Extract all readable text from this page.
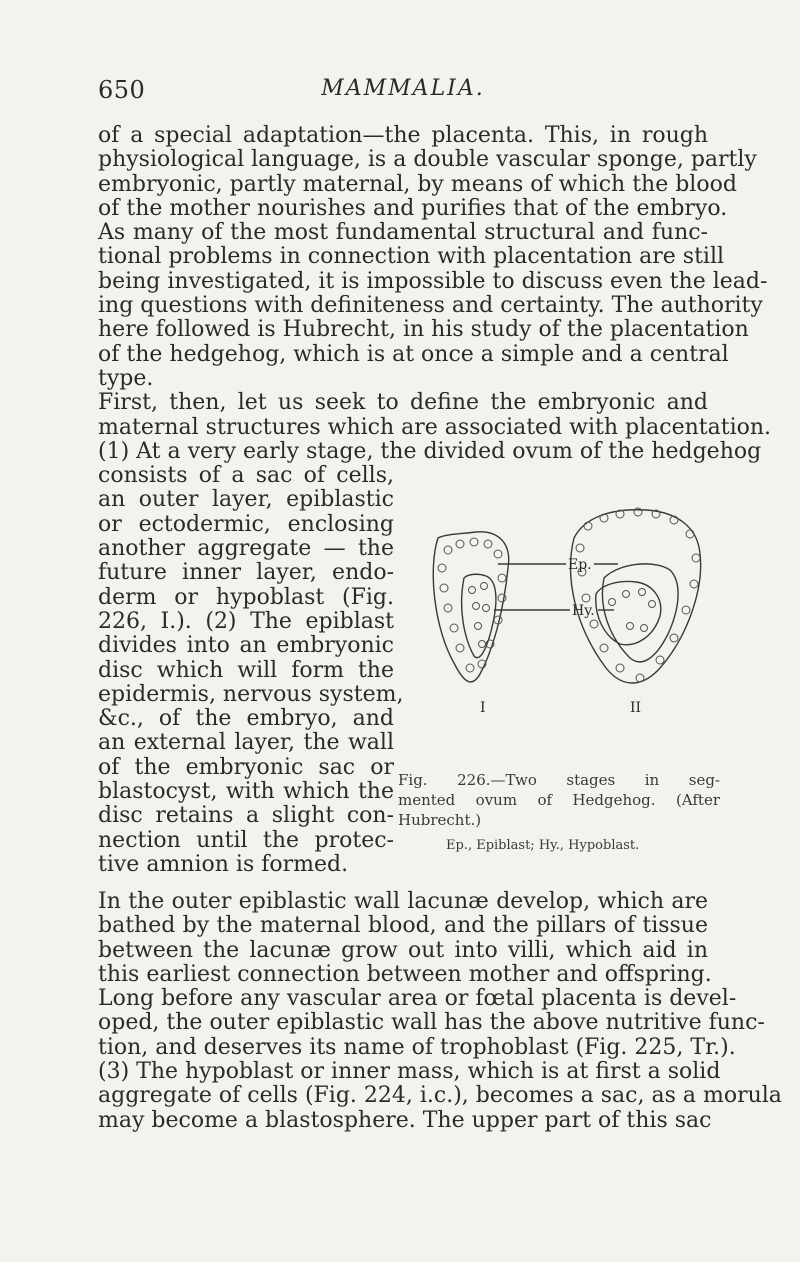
650	MAMMALIA.
of a special adaptation—the placenta. This, in rough
physiological language, is a double vascular sponge, partly
embryonic, partly maternal, by means of which the blood
of the mother nourishes and purifies that of the embryo.
As many of the most fundamental structural and func-
tional problems in connection with placentation are still
being investigated, it is impossible to discuss even the lead-
ing questions with definiteness and certainty. The authority
here followed is Hubrecht, in his study of the placentation
of the hedgehog, which is at once a simple and a central
type.
First, then, let us seek to define the embryonic and
maternal structures which are associated with placentation.
(1) At a very early stage, the divided ovum of the hedgehog
consists of a sac of cells,
an outer layer, epiblastic
or ectodermic, enclosing
another aggregate — the
future inner layer, endo-
derm or hypoblast (Fig.
226, I.). (2) The epiblast
divides into an embryonic
disc which will form the
epidermis, nervous system,
&c., of the embryo, and
an external layer, the wall
of the embryonic sac or
blastocyst, with which the
disc retains a slight con-
nection until the protec-
tive amnion is formed.
Ep.
Hy.
I	II
Fig. 226.—Two stages in seg-
mented ovum of Hedgehog. (After
Hubrecht.)
Ep., Epiblast; Hy., Hypoblast.
In the outer epiblastic wall lacunæ develop, which are
bathed by the maternal blood, and the pillars of tissue
between the lacunæ grow out into villi, which aid in
this earliest connection between mother and offspring.
Long before any vascular area or fœtal placenta is devel-
oped, the outer epiblastic wall has the above nutritive func-
tion, and deserves its name of trophoblast (Fig. 225, Tr.).
(3) The hypoblast or inner mass, which is at first a solid
aggregate of cells (Fig. 224, i.c.), becomes a sac, as a morula
may become a blastosphere. The upper part of this sac
